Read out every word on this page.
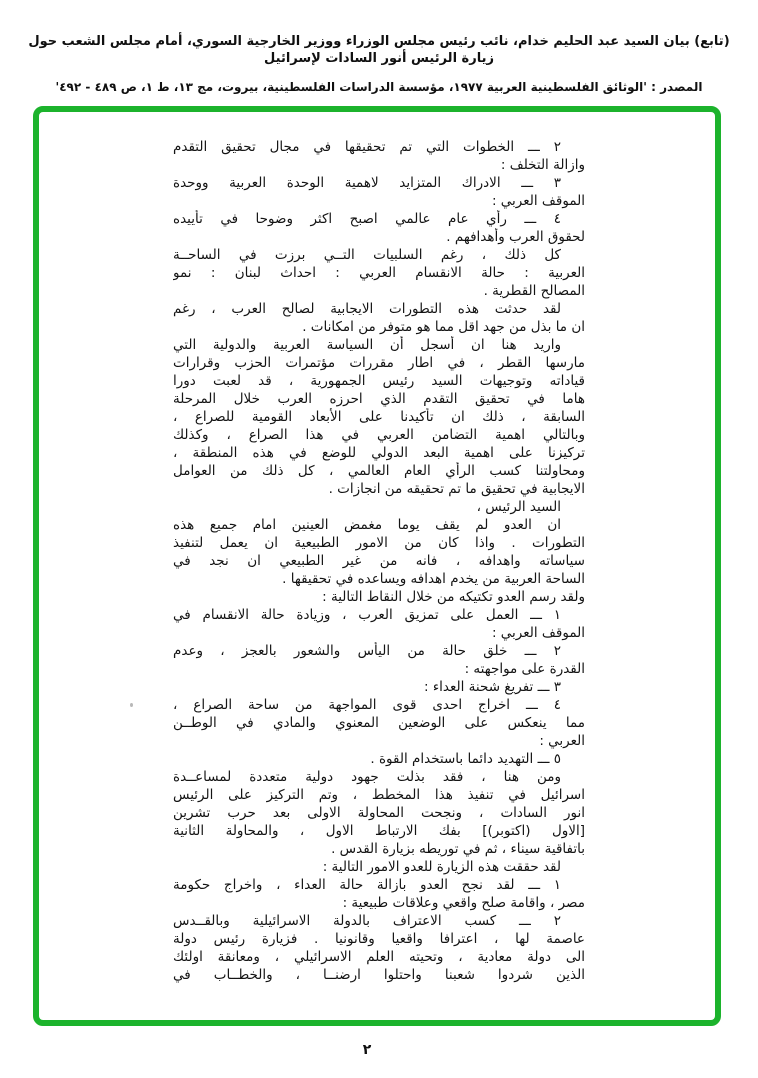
(تابع) بيان السيد عبد الحليم خدام، نائب رئيس مجلس الوزراء ووزير الخارجية السوري، أمام مجلس الشعب حول زيارة الرئيس أنور السادات لإسرائيل
المصدر : 'الوثائق الفلسطينية العربية ١٩٧٧، مؤسسة الدراسات الفلسطينية، بيروت، مج ١٣، ط ١، ص ٤٨٩ - ٤٩٢'
٢ ـــ الخطوات التي تم تحقيقها في مجال تحقيق التقدم
وازالة التخلف :
٣ ـــ الادراك المتزايد لاهمية الوحدة العربية ووحدة
الموقف العربي :
٤ ـــ رأي عام عالمي اصبح اكثر وضوحا في تأييده
لحقوق العرب وأهدافهم .
كل ذلك ، رغم السلبيات التــي برزت في الساحــة
العربية : حالة الانقسام العربي : احداث لبنان : نمو
المصالح القطرية .
لقد حدثت هذه التطورات الايجابية لصالح العرب ، رغم
ان ما بذل من جهد اقل مما هو متوفر من امكانات .
واريد هنا ان أسجل أن السياسة العربية والدولية التي
مارسها القطر ، في اطار مقررات مؤتمرات الحزب وقرارات
قياداته وتوجيهات السيد رئيس الجمهورية ، قد لعبت دورا
هاما في تحقيق التقدم الذي احرزه العرب خلال المرحلة
السابقة ، ذلك ان تأكيدنا على الأبعاد القومية للصراع ،
وبالتالي اهمية التضامن العربي في هذا الصراع ، وكذلك
تركيزنا على اهمية البعد الدولي للوضع في هذه المنطقة ،
ومحاولتنا كسب الرأي العام العالمي ، كل ذلك من العوامل
الايجابية في تحقيق ما تم تحقيقه من انجازات .
السيد الرئيس ،
ان العدو لم يقف يوما مغمض العينين امام جميع هذه
التطورات . واذا كان من الامور الطبيعية ان يعمل لتنفيذ
سياساته واهدافه ، فانه من غير الطبيعي ان نجد في
الساحة العربية من يخدم اهدافه ويساعده في تحقيقها .
ولقد رسم العدو تكتيكه من خلال النقاط التالية :
١ ـــ العمل على تمزيق العرب ، وزيادة حالة الانقسام في
الموقف العربي :
٢ ـــ خلق حالة من اليأس والشعور بالعجز ، وعدم
القدرة على مواجهته :
٣ ـــ تفريغ شحنة العداء :
٤ ـــ اخراج احدى قوى المواجهة من ساحة الصراع ،
مما ينعكس على الوضعين المعنوي والمادي في الوطــن
العربي :
٥ ـــ التهديد دائما باستخدام القوة .
ومن هنا ، فقد بذلت جهود دولية متعددة لمساعــدة
اسرائيل في تنفيذ هذا المخطط ، وتم التركيز على الرئيس
انور السادات ، ونجحت المحاولة الاولى بعد حرب تشرين
[الاول (اكتوبر)] بفك الارتباط الاول ، والمحاولة الثانية
باتفاقية سيناء ، ثم في توريطه بزيارة القدس .
لقد حققت هذه الزيارة للعدو الامور التالية :
١ ـــ لقد نجح العدو بازالة حالة العداء ، واخراج حكومة
مصر ، واقامة صلح واقعي وعلاقات طبيعية :
٢ ـــ كسب الاعتراف بالدولة الاسرائيلية وبالقــدس
عاصمة لها ، اعترافا واقعيا وقانونيا . فزيارة رئيس دولة
الى دولة معادية ، وتحيته العلم الاسرائيلي ، ومعانقة اولئك
الذين شردوا شعبنا واحتلوا ارضنــا ، والخطــاب في
٢
